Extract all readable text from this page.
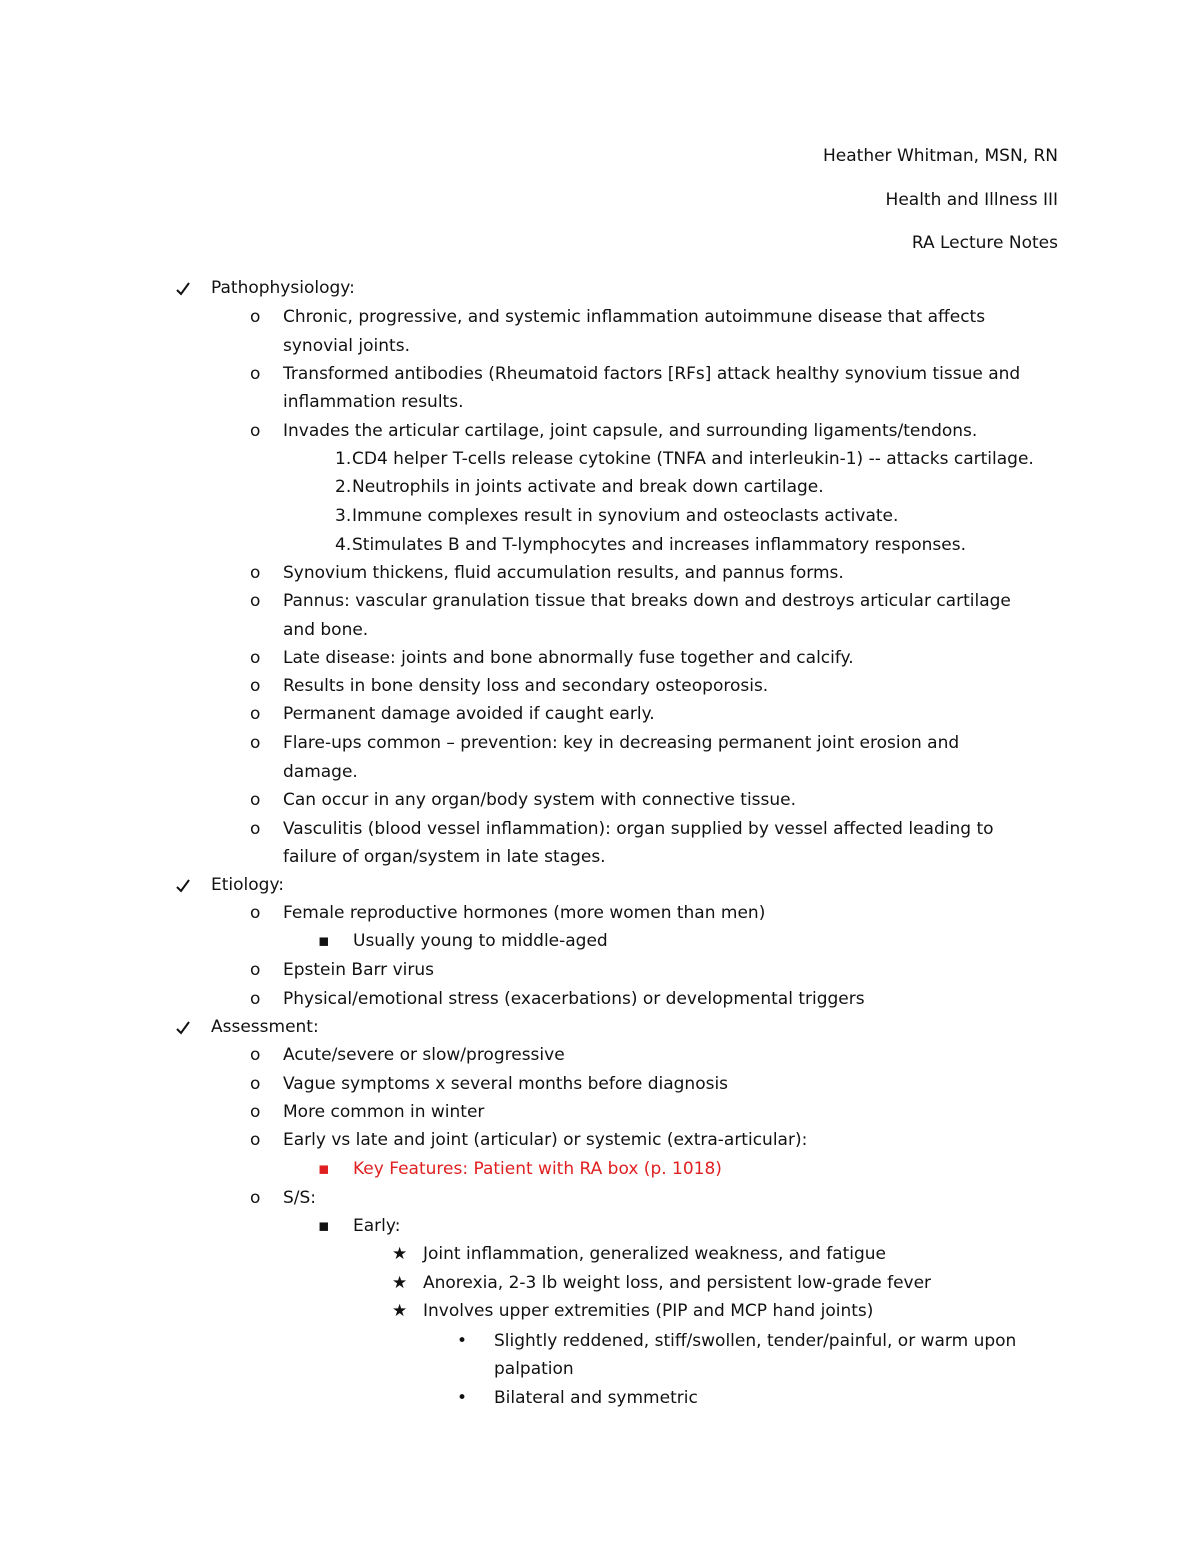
Heather Whitman, MSN, RN
Health and Illness III
RA Lecture Notes
Pathophysiology:
o Chronic, progressive, and systemic inflammation autoimmune disease that affects
synovial joints.
o Transformed antibodies (Rheumatoid factors [RFs] attack healthy synovium tissue and
inflammation results.
o Invades the articular cartilage, joint capsule, and surrounding ligaments/tendons.
1. CD4 helper T-cells release cytokine (TNFA and interleukin-1) -- attacks cartilage.
2. Neutrophils in joints activate and break down cartilage.
3. Immune complexes result in synovium and osteoclasts activate.
4. Stimulates B and T-lymphocytes and increases inflammatory responses.
o Synovium thickens, fluid accumulation results, and pannus forms.
o Pannus: vascular granulation tissue that breaks down and destroys articular cartilage
and bone.
o Late disease: joints and bone abnormally fuse together and calcify.
o Results in bone density loss and secondary osteoporosis.
o Permanent damage avoided if caught early.
o Flare-ups common – prevention: key in decreasing permanent joint erosion and
damage.
o Can occur in any organ/body system with connective tissue.
o Vasculitis (blood vessel inflammation): organ supplied by vessel affected leading to
failure of organ/system in late stages.
Etiology:
o Female reproductive hormones (more women than men)
▪ Usually young to middle-aged
o Epstein Barr virus
o Physical/emotional stress (exacerbations) or developmental triggers
Assessment:
o Acute/severe or slow/progressive
o Vague symptoms x several months before diagnosis
o More common in winter
o Early vs late and joint (articular) or systemic (extra-articular):
▪ Key Features: Patient with RA box (p. 1018)
o S/S:
▪ Early:
★ Joint inflammation, generalized weakness, and fatigue
★ Anorexia, 2-3 lb weight loss, and persistent low-grade fever
★ Involves upper extremities (PIP and MCP hand joints)
• Slightly reddened, stiff/swollen, tender/painful, or warm upon
palpation
• Bilateral and symmetric
